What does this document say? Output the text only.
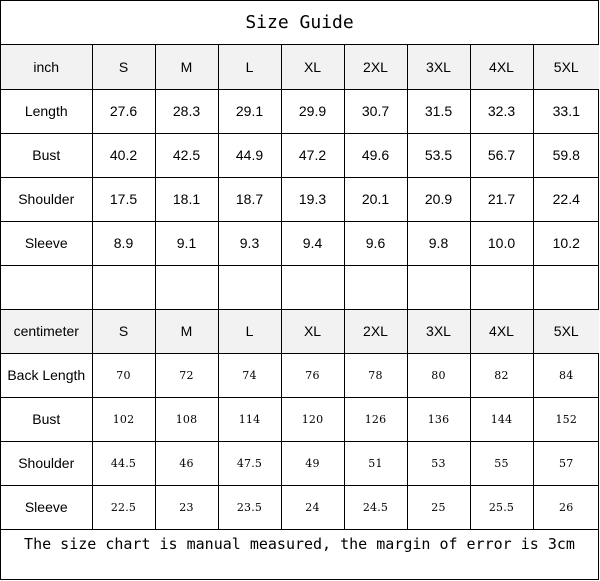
Size Guide
inch	S	M	L	XL	2XL	3XL	4XL	5XL
Length	27.6	28.3	29.1	29.9	30.7	31.5	32.3	33.1
Bust	40.2	42.5	44.9	47.2	49.6	53.5	56.7	59.8
Shoulder	17.5	18.1	18.7	19.3	20.1	20.9	21.7	22.4
Sleeve	8.9	9.1	9.3	9.4	9.6	9.8	10.0	10.2

centimeter	S	M	L	XL	2XL	3XL	4XL	5XL
Back Length	70	72	74	76	78	80	82	84
Bust	102	108	114	120	126	136	144	152
Shoulder	44.5	46	47.5	49	51	53	55	57
Sleeve	22.5	23	23.5	24	24.5	25	25.5	26
The size chart is manual measured, the margin of error is 3cm
